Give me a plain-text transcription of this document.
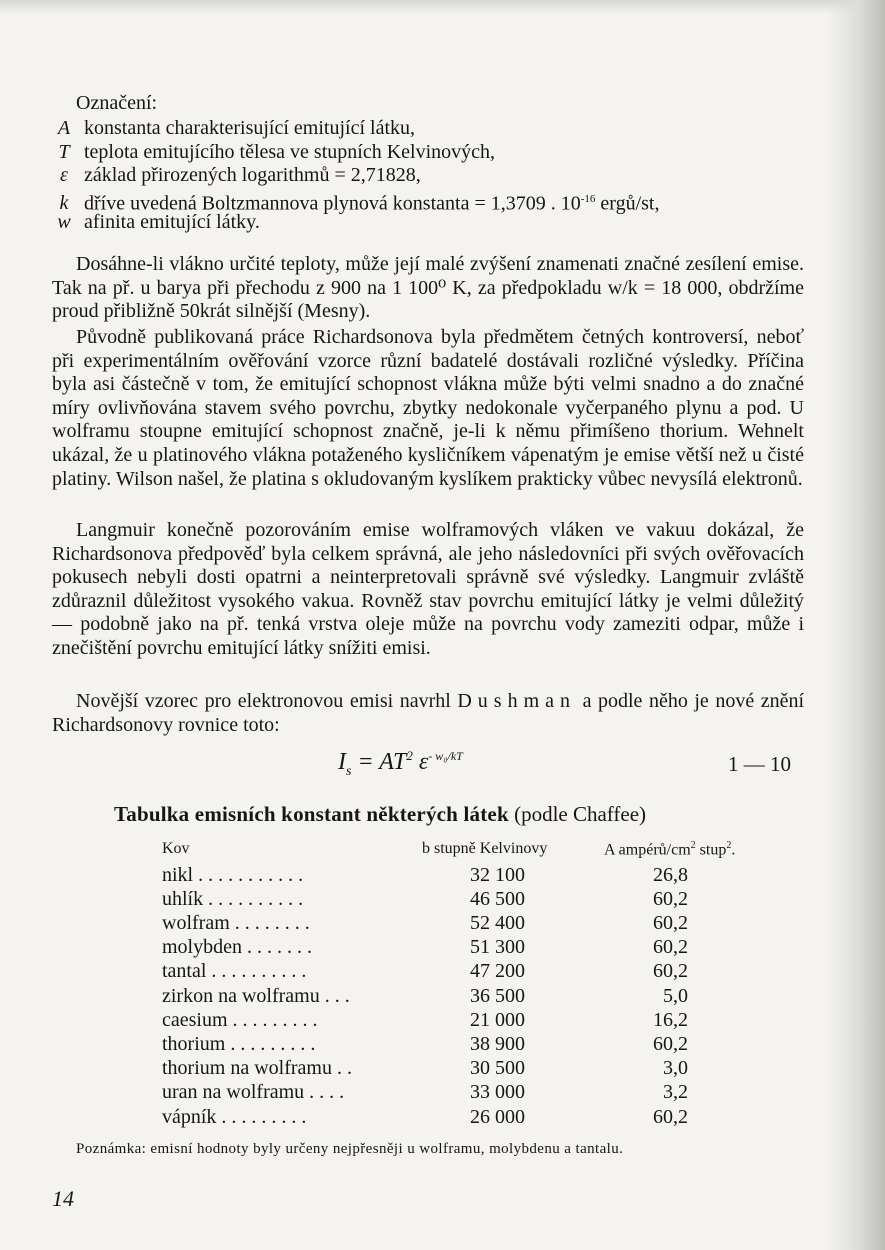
Označení:
A konstanta charakterisující emitující látku,
T teplota emitujícího tělesa ve stupních Kelvinových,
ε základ přirozených logarithmů = 2,71828,
k dříve uvedená Boltzmannova plynová konstanta = 1,3709 . $10^{-16}$ ergů/st,
w afinita emitující látky.

Dosáhne-li vlákno určité teploty, může její malé zvýšení znamenati značné zesílení emise. Tak na př. u barya při přechodu z 900 na 1 100⁰ K, za předpokladu w/k = 18 000, obdržíme proud přibližně 50krát silnější (Mesny).

Původně publikovaná práce Richardsonova byla předmětem četných kontroversí, neboť při experimentálním ověřování vzorce různí badatelé dostávali rozličné výsledky. Příčina byla asi částečně v tom, že emitující schopnost vlákna může býti velmi snadno a do značné míry ovlivňována stavem svého povrchu, zbytky nedokonale vyčerpaného plynu a pod. U wolframu stoupne emitující schopnost značně, je-li k němu přimíšeno thorium. Wehnelt ukázal, že u platinového vlákna potaženého kysličníkem vápenatým je emise větší než u čisté platiny. Wilson našel, že platina s okludovaným kyslíkem prakticky vůbec nevysílá elektronů.

Langmuir konečně pozorováním emise wolframových vláken ve vakuu dokázal, že Richardsonova předpověď byla celkem správná, ale jeho následovníci při svých ověřovacích pokusech nebyli dosti opatrni a neinterpretovali správně své výsledky. Langmuir zvláště zdůraznil důležitost vysokého vakua. Rovněž stav povrchu emitující látky je velmi důležitý — podobně jako na př. tenká vrstva oleje může na povrchu vody zameziti odpar, může i znečištění povrchu emitující látky snížiti emisi.

Novější vzorec pro elektronovou emisi navrhl Dushman a podle něho je nové znění Richardsonovy rovnice toto:

$I_s = AT^2$ $\varepsilon^{- w_0/kT}$	1 — 10
Tabulka emisních konstant některých látek (podle Chaffee)
Kov	b stupně Kelvinovy	A ampérů/$cm^2$ stup$^2$.
nikl . . . . . . . . . . .	32 100	26,8
uhlík . . . . . . . . . .	46 500	60,2
wolfram . . . . . . . .	52 400	60,2
molybden . . . . . . .	51 300	60,2
tantal . . . . . . . . . .	47 200	60,2
zirkon na wolframu . . .	36 500	5,0
caesium . . . . . . . . .	21 000	16,2
thorium . . . . . . . . .	38 900	60,2
thorium na wolframu . .	30 500	3,0
uran na wolframu . . . .	33 000	3,2
vápník . . . . . . . . .	26 000	60,2
Poznámka: emisní hodnoty byly určeny nejpřesněji u wolframu, molybdenu a tantalu.
14
